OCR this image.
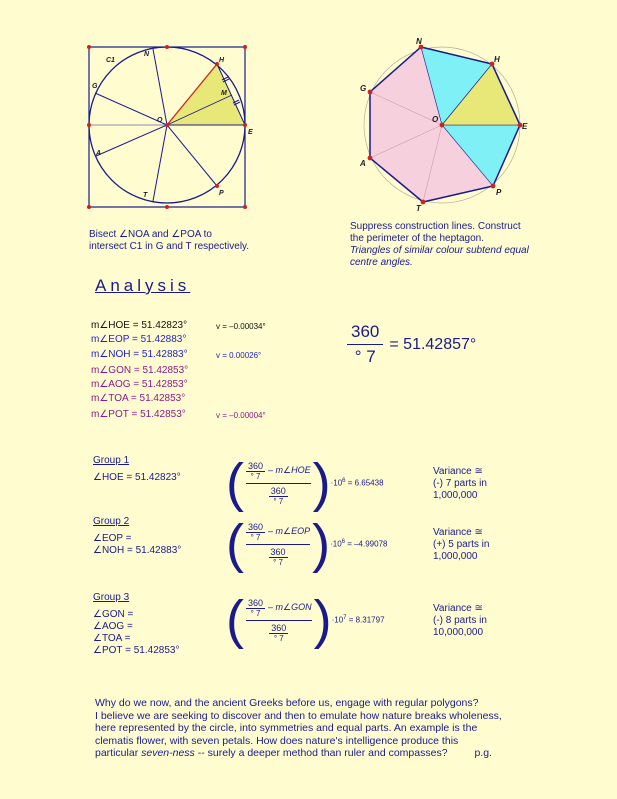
C1
N
H
G
M
O
E
A
T	P
Bisect ∠NOA and ∠POA to
intersect C1 in G and T respectively.
N
H
G
O
E
A
T
P
Suppress construction lines. Construct
the perimeter of the heptagon.
Triangles of similar colour subtend equal
centre angles.
Analysis
m∠HOE = 51.42823°	v = –0.00034°
m∠EOP = 51.42883°
m∠NOH = 51.42883°	v = 0.00026°
m∠GON = 51.42853°
m∠AOG = 51.42853°
m∠TOA = 51.42853°
m∠POT = 51.42853°	v = –0.00004°
$\frac{360}{^\circ 7} = 51.42857^\circ$
Group 1
∠HOE = 51.42823° ( $\frac{\frac{360}{^\circ 7} - m\angle HOE}{\frac{360}{^\circ 7}}$ ) $\cdot 10^6 = 6.65438$
Variance ≅
(-) 7 parts in
1,000,000
Group 2
∠EOP =
∠NOH = 51.42883° ( $\frac{\frac{360}{^\circ 7} - m\angle EOP}{\frac{360}{^\circ 7}}$ ) $\cdot 10^6 = -4.99078$
Variance ≅
(+) 5 parts in
1,000,000
Group 3
∠GON =
∠AOG =
∠TOA =
∠POT = 51.42853°
( $\frac{\frac{360}{^\circ 7} - m\angle GON}{\frac{360}{^\circ 7}}$ ) $\cdot 10^7 = 8.31797$
Variance ≅
(-) 8 parts in
10,000,000
Why do we now, and the ancient Greeks before us, engage with regular polygons?
I believe we are seeking to discover and then to emulate how nature breaks wholeness,
here represented by the circle, into symmetries and equal parts. An example is the
clematis flower, with seven petals. How does nature's intelligence produce this
particular seven-ness -- surely a deeper method than ruler and compasses?	p.g.
